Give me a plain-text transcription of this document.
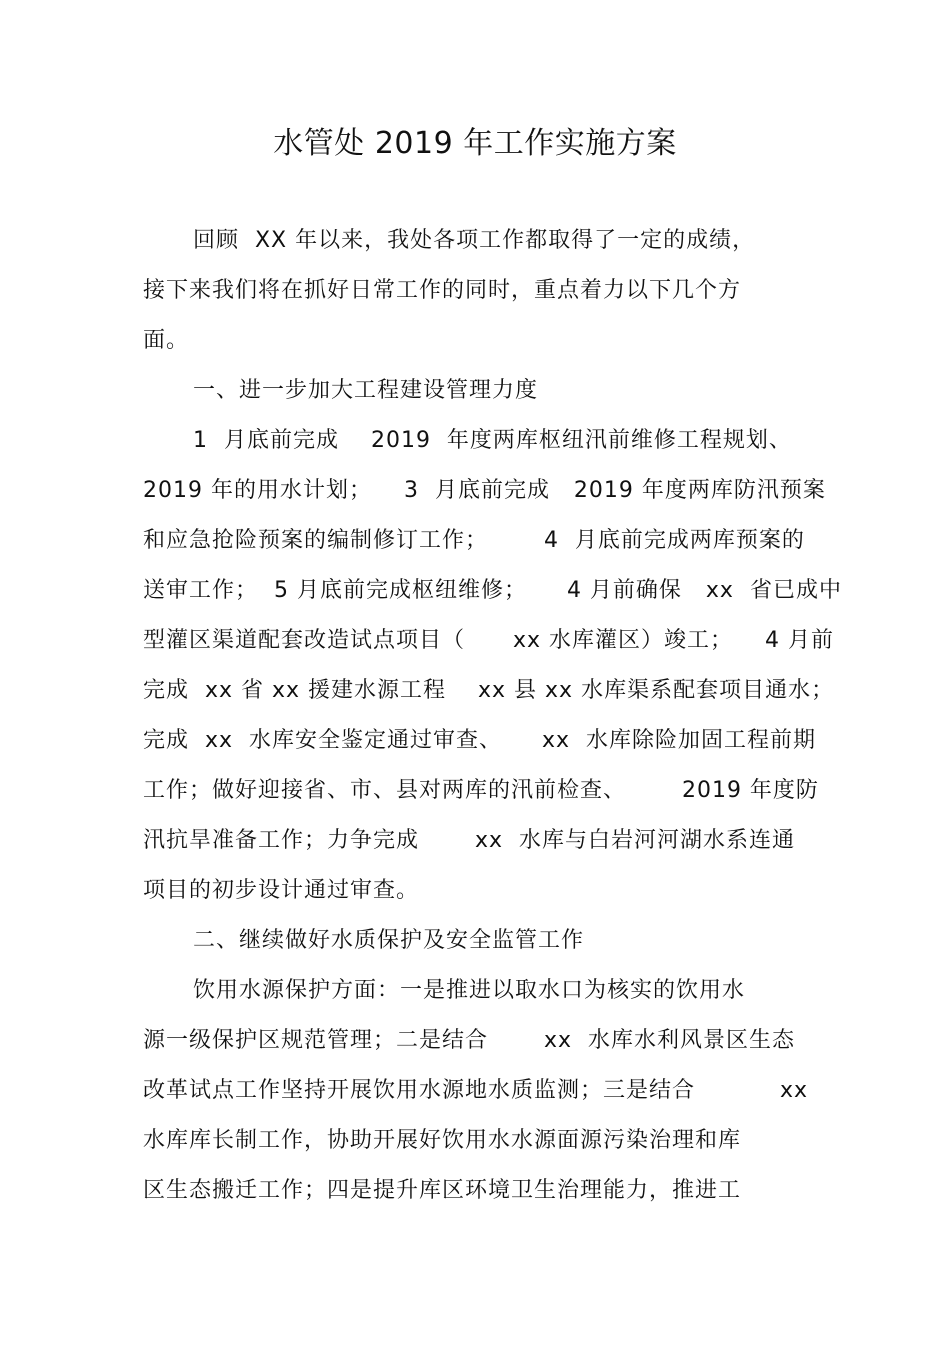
水管处 2019 年工作实施方案
回顾  XX 年以来，我处各项工作都取得了一定的成绩，
接下来我们将在抓好日常工作的同时，重点着力以下几个方
面。
一、进一步加大工程建设管理力度
1  月底前完成    2019  年度两库枢纽汛前维修工程规划、
2019 年的用水计划；    3  月底前完成   2019 年度两库防汛预案
和应急抢险预案的编制修订工作；       4  月底前完成两库预案的
送审工作；  5 月底前完成枢纽维修；     4 月前确保   xx  省已成中
型灌区渠道配套改造试点项目（      xx 水库灌区）竣工；    4 月前
完成  xx 省 xx 援建水源工程    xx 县 xx 水库渠系配套项目通水；
完成  xx  水库安全鉴定通过审查、     xx  水库除险加固工程前期
工作；做好迎接省、市、县对两库的汛前检查、       2019 年度防
汛抗旱准备工作；力争完成       xx  水库与白岩河河湖水系连通
项目的初步设计通过审查。
二、继续做好水质保护及安全监管工作
饮用水源保护方面：一是推进以取水口为核实的饮用水
源一级保护区规范管理；二是结合       xx  水库水利风景区生态
改革试点工作坚持开展饮用水源地水质监测；三是结合	xx
水库库长制工作，协助开展好饮用水水源面源污染治理和库
区生态搬迁工作；四是提升库区环境卫生治理能力，推进工
